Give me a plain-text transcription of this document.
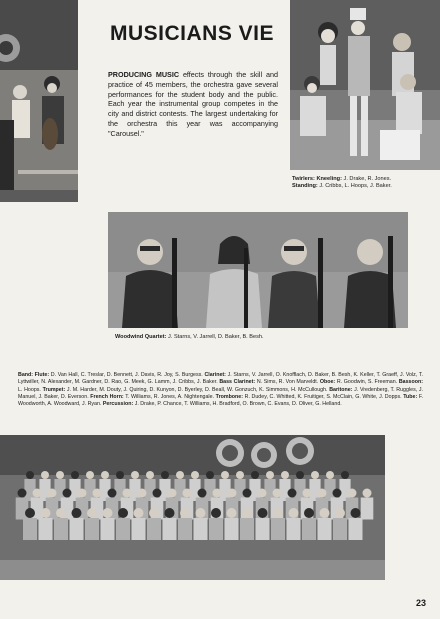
MUSICIANS VIE
PRODUCING MUSIC effects through the skill and practice of 45 members, the orchestra gave several performances for the student body and the public. Each year the instrumental group competes in the city and district contests. The largest undertaking for the orchestra this year was accompanying "Carousel."
Twirlers: Kneeling: J. Drake, R. Jones.
Standing: J. Cribbs, L. Hoops, J. Baker.
Woodwind Quartet: J. Starns, V. Jarrell, D. Baker, B. Besh.
Band: Flute: D. Van Hall, C. Treslar, D. Bennett, J. Davis, R. Joy, S. Burgess. Clarinet: J. Starns, V. Jarrell, O. Knofflach, D. Baker, B. Besh, K. Keller, T. Graeff, J. Volz, T. Lyttwiller, N. Alexander, M. Gardner, D. Rao, G. Meek, G. Lamm, J. Cribbs, J. Baker. Bass Clarinet: N. Sims, R. Von Marveldt. Oboe: R. Goodwin, S. Freeman. Bassoon: L. Hoops. Trumpet: J. M. Harder, M. Douty, J. Quiring, D. Kunyon, D. Byerley, D. Beall, W. Gonzuch, K. Simmons, H. McCullough. Baritone: J. Vredenberg, T. Ruggles, J. Manuel, J. Baker, D. Everson. French Horn: T. Williams, R. Jones, A. Nightengale. Trombone: R. Dudey, C. Whitted, K. Fruitiger, S. McClain, G. White, J. Dopps. Tube: F. Woodworth, A. Woodward, J. Ryan. Percussion: J. Drake, P. Chance, T. Williams, H. Bradford, O. Brown, C. Evans, D. Oliver, G. Helland.
23
